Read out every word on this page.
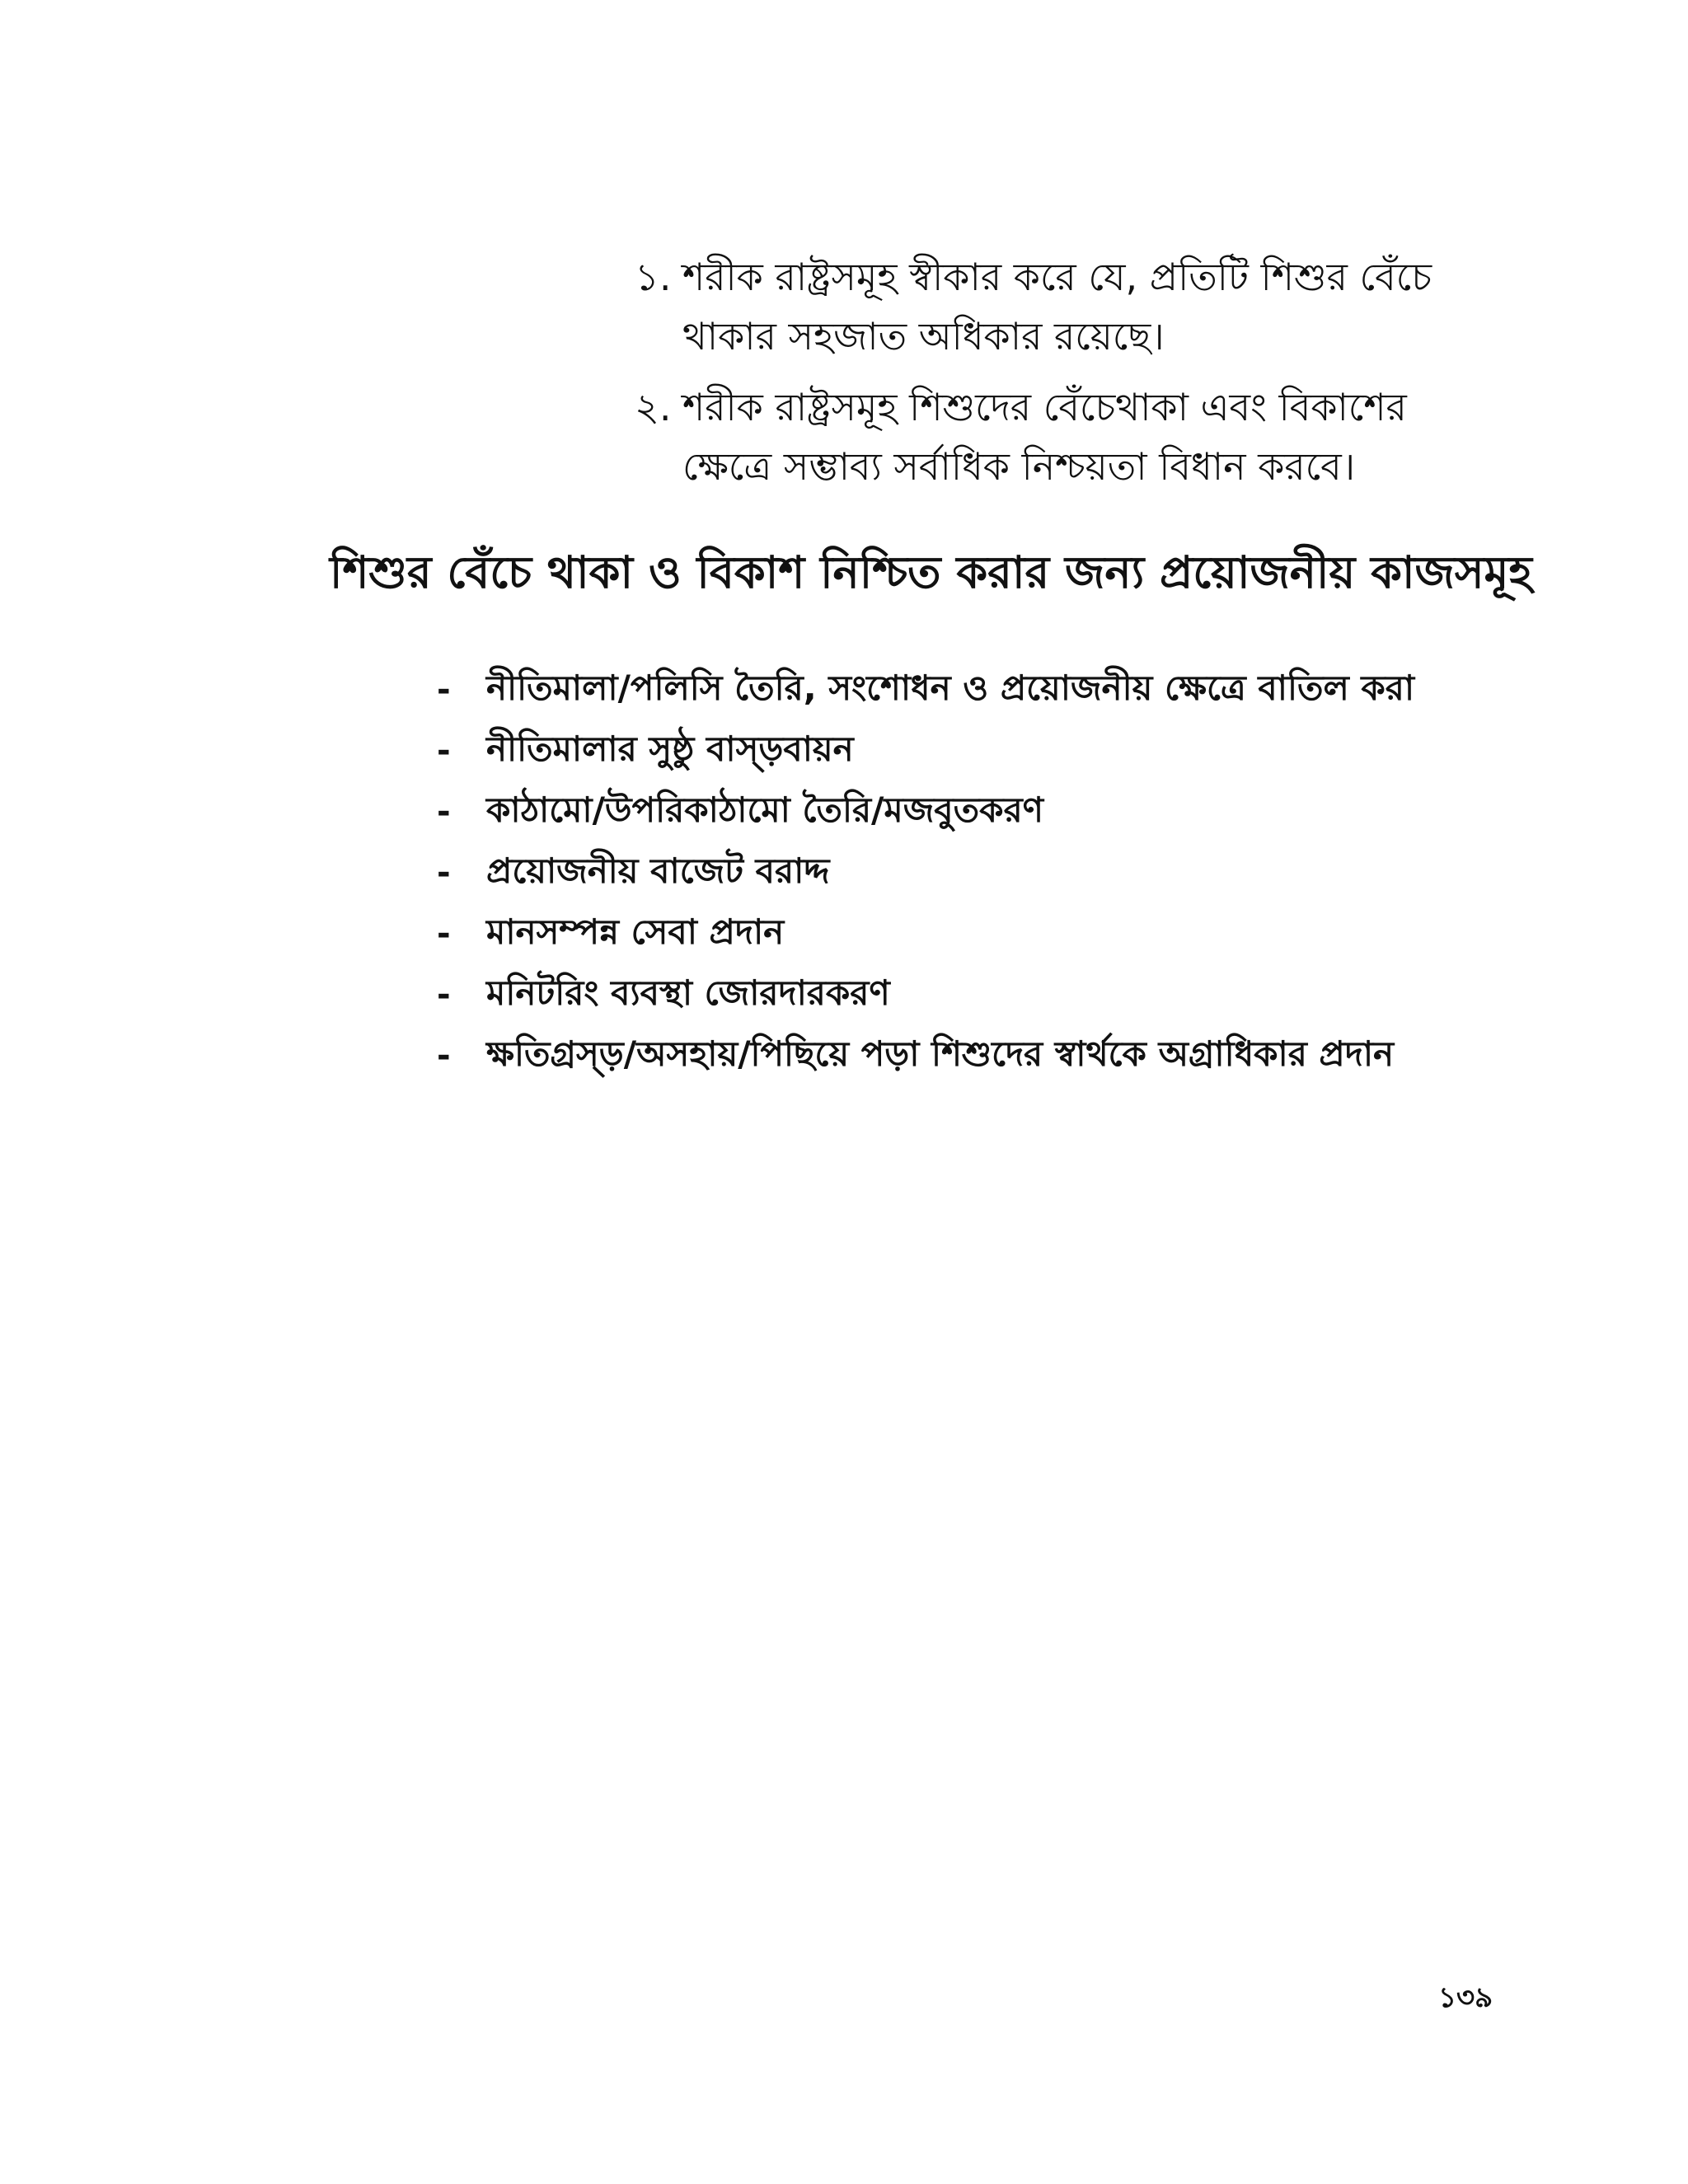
১. শরীক রাষ্ট্রসমূহ স্বীকার করে যে, প্রতিটি শিশুর বেঁচে
থাকার সহজাত অধিকার রয়েছে।
২. শরীক রাষ্ট্রসমূহ শিশুদের বেঁচেথাকা এবং বিকাশের
ক্ষেত্রে সম্ভাব্য সর্বাধিক নিশ্চয়তা বিধান করবে।
শিশুর বেঁচে থাকা ও বিকাশ নিশ্চিত করার জন্য প্রয়োজনীয় কাজসমূহ
-	নীতিমালা/পলিসি তৈরি, সংশোধন ও প্রয়োজনীয় ক্ষেত্রে বাতিল করা
-	নীতিমালার সুষ্ঠু বাস্ড়বায়ন
-	কাঠামো/উপরিকাঠামো তৈরি/মজবুতকরণ
-	প্রয়োজনীয় বাজেট বরাদ্দ
-	মানসম্পন্ন সেবা প্রদান
-	মনিটরিং ব্যবস্থা জোরদারকরণ
-	ক্ষতিগ্রস্ড়/অসহায়/পিছিয়ে পড়া শিশুদের স্বার্থকে অগ্রাধিকার প্রদান
১৩৯
